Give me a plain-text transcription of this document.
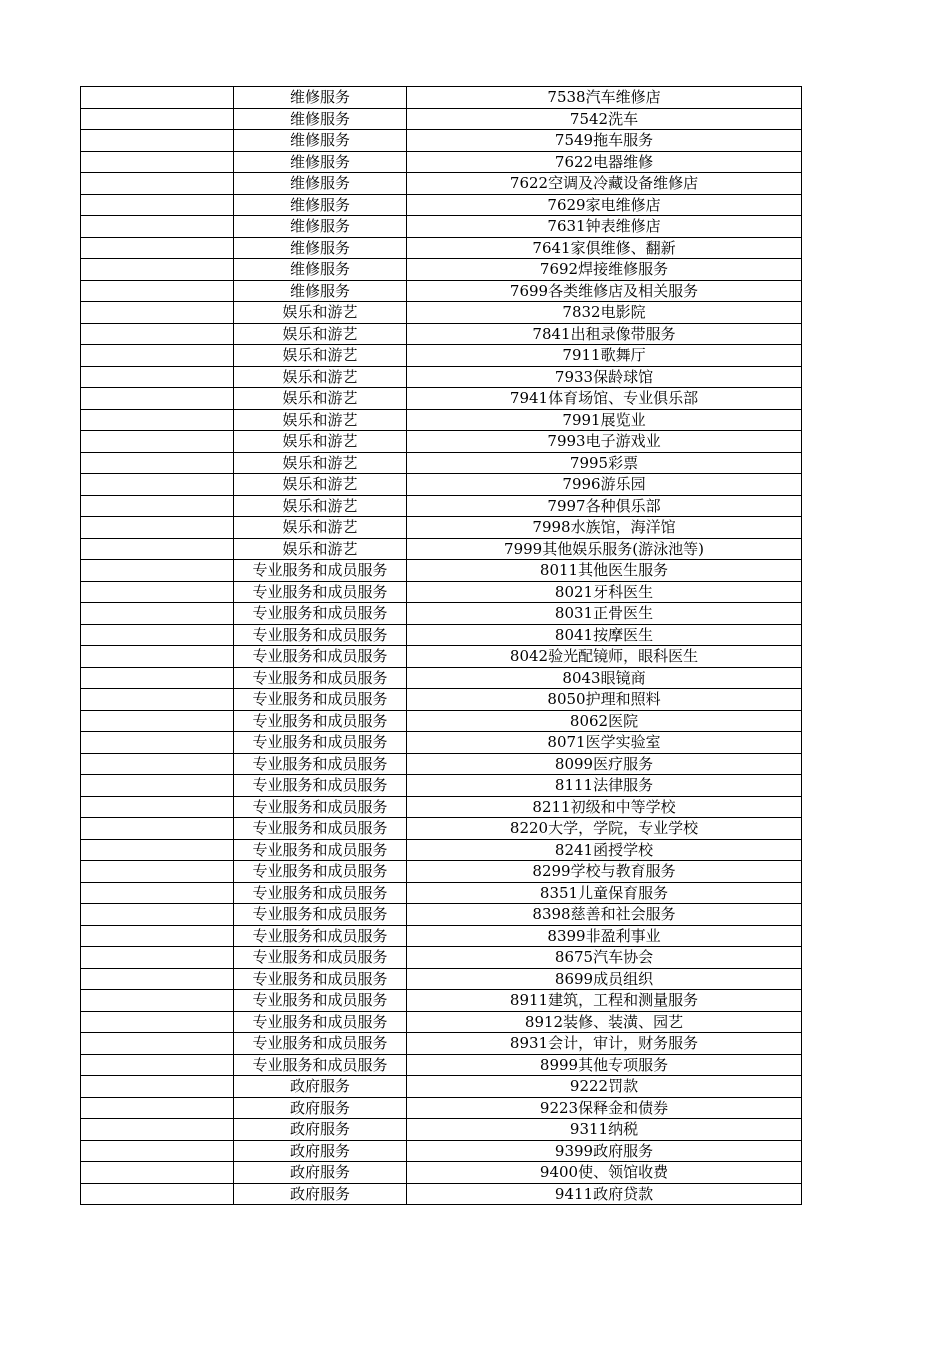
	维修服务	7538汽车维修店
	维修服务	7542洗车
	维修服务	7549拖车服务
	维修服务	7622电器维修
	维修服务	7622空调及冷藏设备维修店
	维修服务	7629家电维修店
	维修服务	7631钟表维修店
	维修服务	7641家俱维修、翻新
	维修服务	7692焊接维修服务
	维修服务	7699各类维修店及相关服务
	娱乐和游艺	7832电影院
	娱乐和游艺	7841出租录像带服务
	娱乐和游艺	7911歌舞厅
	娱乐和游艺	7933保龄球馆
	娱乐和游艺	7941体育场馆、专业俱乐部
	娱乐和游艺	7991展览业
	娱乐和游艺	7993电子游戏业
	娱乐和游艺	7995彩票
	娱乐和游艺	7996游乐园
	娱乐和游艺	7997各种俱乐部
	娱乐和游艺	7998水族馆，海洋馆
	娱乐和游艺	7999其他娱乐服务(游泳池等)
	专业服务和成员服务	8011其他医生服务
	专业服务和成员服务	8021牙科医生
	专业服务和成员服务	8031正骨医生
	专业服务和成员服务	8041按摩医生
	专业服务和成员服务	8042验光配镜师，眼科医生
	专业服务和成员服务	8043眼镜商
	专业服务和成员服务	8050护理和照料
	专业服务和成员服务	8062医院
	专业服务和成员服务	8071医学实验室
	专业服务和成员服务	8099医疗服务
	专业服务和成员服务	8111法律服务
	专业服务和成员服务	8211初级和中等学校
	专业服务和成员服务	8220大学，学院，专业学校
	专业服务和成员服务	8241函授学校
	专业服务和成员服务	8299学校与教育服务
	专业服务和成员服务	8351儿童保育服务
	专业服务和成员服务	8398慈善和社会服务
	专业服务和成员服务	8399非盈利事业
	专业服务和成员服务	8675汽车协会
	专业服务和成员服务	8699成员组织
	专业服务和成员服务	8911建筑，工程和测量服务
	专业服务和成员服务	8912装修、装潢、园艺
	专业服务和成员服务	8931会计，审计，财务服务
	专业服务和成员服务	8999其他专项服务
	政府服务	9222罚款
	政府服务	9223保释金和债券
	政府服务	9311纳税
	政府服务	9399政府服务
	政府服务	9400使、领馆收费
	政府服务	9411政府贷款
